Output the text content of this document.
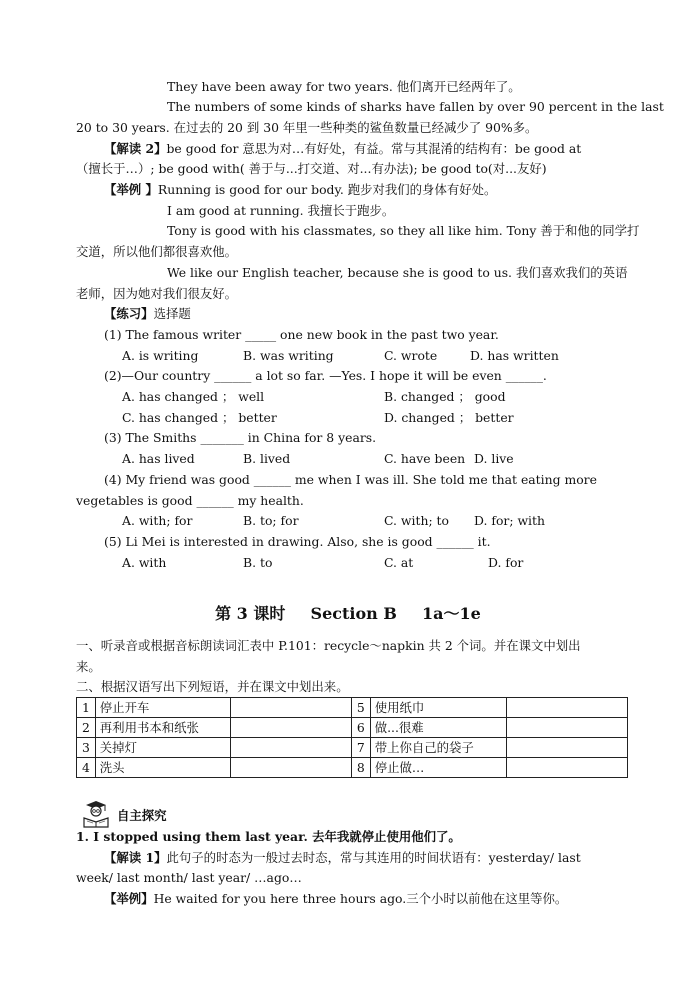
They have been away for two years. 他们离开已经两年了。
The numbers of some kinds of sharks have fallen by over 90 percent in the last
20 to 30 years. 在过去的 20 到 30 年里一些种类的鲨鱼数量已经减少了 90%多。
【解读 2】be good for 意思为对…有好处，有益。常与其混淆的结构有：be good at
（擅长于…）; be good with( 善于与...打交道、对...有办法); be good to(对...友好)
【举例 】Running is good for our body. 跑步对我们的身体有好处。
I am good at running. 我擅长于跑步。
Tony is good with his classmates, so they all like him. Tony 善于和他的同学打
交道，所以他们都很喜欢他。
We like our English teacher, because she is good to us. 我们喜欢我们的英语
老师，因为她对我们很友好。
【练习】选择题
(1) The famous writer _____ one new book in the past two year.
A. is writing	B. was writing	C. wrote	D. has written
(2)—Our country ______ a lot so far. —Yes. I hope it will be even ______.
A. has changed ； well	B. changed ； good
C. has changed ； better	D. changed ； better
(3) The Smiths _______ in China for 8 years.
A. has lived	B. lived	C. have been D. live
(4) My friend was good ______ me when I was ill. She told me that eating more
vegetables is good ______ my health.
A. with; for	B. to; for	C. with; to D. for; with
(5) Li Mei is interested in drawing. Also, she is good ______ it.
A. with	B. to	C. at	D. for
第 3 课时 Section B 1a～1e
一、听录音或根据音标朗读词汇表中 P.101：recycle～napkin 共 2 个词。并在课文中划出
来。
二、根据汉语写出下列短语，并在课文中划出来。
1	停止开车		5	使用纸巾	
2	再利用书本和纸张		6	做...很难	
3	关掉灯		7	带上你自己的袋子	
4	洗头		8	停止做…	
自主探究
1. I stopped using them last year. 去年我就停止使用他们了。
【解读 1】此句子的时态为一般过去时态，常与其连用的时间状语有：yesterday/ last
week/ last month/ last year/ …ago…
【举例】He waited for you here three hours ago.三个小时以前他在这里等你。
